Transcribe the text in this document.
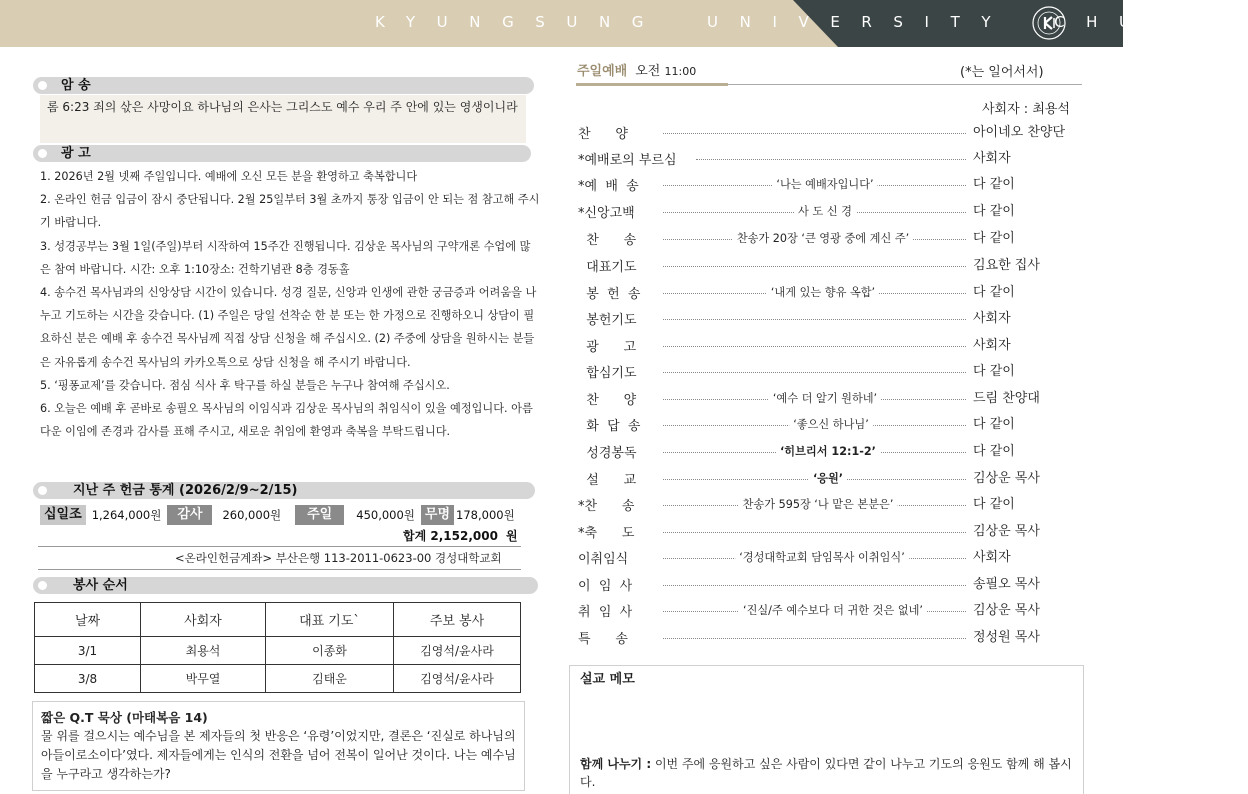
KYUNGSUNG	UNIVERSITY	CHURCH
암 송
롬 6:23 죄의 삯은 사망이요 하나님의 은사는 그리스도 예수 우리 주 안에 있는 영생이니라
광 고

1. 2026년 2월 넷째 주일입니다. 예배에 오신 모든 분을 환영하고 축복합니다

2. 온라인 헌금 입금이 잠시 중단됩니다. 2월 25일부터 3월 초까지 통장 입금이 안 되는 점 참고해 주시기 바랍니다.

3. 성경공부는 3월 1일(주일)부터 시작하여 15주간 진행됩니다. 김상운 목사님의 구약개론 수업에 많은 참여 바랍니다. 시간: 오후 1:10장소: 건학기념관 8층 경동홀

4. 송수건 목사님과의 신앙상담 시간이 있습니다. 성경 질문, 신앙과 인생에 관한 궁금증과 어려움을 나누고 기도하는 시간을 갖습니다. (1) 주일은 당일 선착순 한 분 또는 한 가정으로 진행하오니 상담이 필요하신 분은 예배 후 송수건 목사님께 직접 상담 신청을 해 주십시오. (2) 주중에 상담을 원하시는 분들은 자유롭게 송수건 목사님의 카카오톡으로 상담 신청을 해 주시기 바랍니다.

5. ‘핑퐁교제’를 갖습니다. 점심 식사 후 탁구를 하실 분들은 누구나 참여해 주십시오.

6. 오늘은 예배 후 곧바로 송필오 목사님의 이임식과 김상운 목사님의 취임식이 있을 예정입니다. 아름다운 이임에 존경과 감사를 표해 주시고, 새로운 취임에 환영과 축복을 부탁드립니다.

지난 주 헌금 통계 (2026/2/9~2/15)
십일조 1,264,000원	감사	260,000원	주일	450,000원 무명 178,000원
합계 2,152,000 원
<온라인헌금계좌> 부산은행 113-2011-0623-00 경성대학교회
봉사 순서
날짜	사회자	대표 기도`	주보 봉사
3/1	최용석	이종화	김영석/윤사라
3/8	박무열	김태운	김영석/윤사라
짧은 Q.T 묵상 (마태복음 14)
물 위를 걸으시는 예수님을 본 제자들의 첫 반응은 ‘유령’이었지만, 결론은 ‘진실로 하나님의 아들이로소이다’였다. 제자들에게는 인식의 전환을 넘어 전복이 일어난 것이다. 나는 예수님을 누구라고 생각하는가?
주일예배 오전 11:00	(*는 일어서서)
사회자 : 최용석
찬      양	아이네오 찬양단
*예배로의 부르심	사회자
*예  배  송	‘나는 예배자입니다’	다 같이
*신앙고백	사 도 신 경	다 같이
찬      송	찬송가 20장 ‘큰 영광 중에 계신 주’	다 같이
대표기도	김요한 집사
봉  헌  송	‘내게 있는 향유 옥합’	다 같이
봉헌기도	사회자
광      고	사회자
합심기도	다 같이
찬      양	‘예수 더 알기 원하네’	드림 찬양대
화  답  송	‘좋으신 하나님’	다 같이
성경봉독	‘히브리서 12:1-2’	다 같이
설      교	‘응원’	김상운 목사
*찬      송	찬송가 595장 ‘나 맡은 본분은’	다 같이
*축      도	김상운 목사
이취임식	‘경성대학교회 담임목사 이취임식’	사회자
이  임  사	송필오 목사
취  임  사	‘진실/주 예수보다 더 귀한 것은 없네’	김상운 목사
특      송	정성원 목사
설교 메모
함께 나누기 : 이번 주에 응원하고 싶은 사람이 있다면 같이 나누고 기도의 응원도 함께 해 봅시다.
